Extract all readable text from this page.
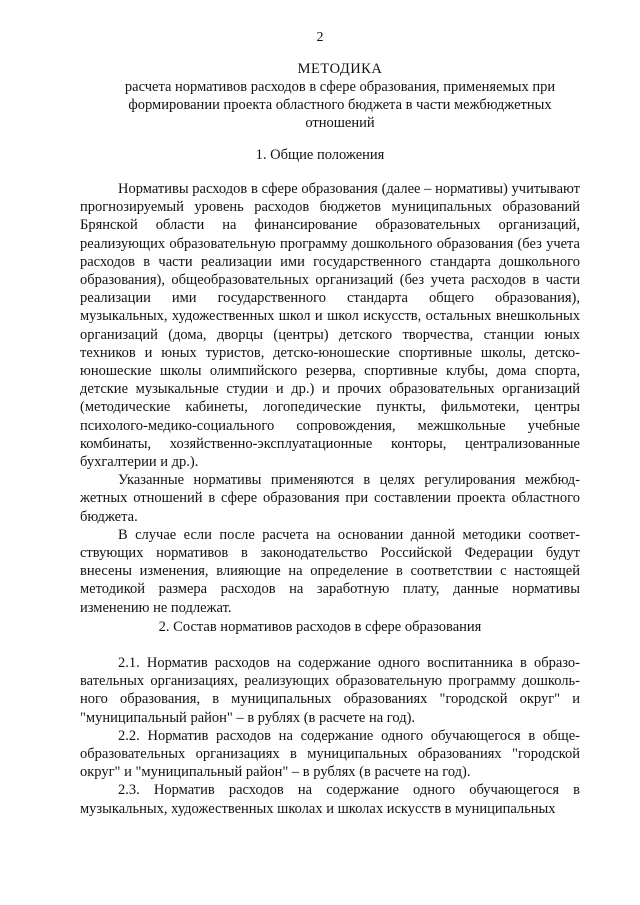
2
МЕТОДИКА
расчета нормативов расходов в сфере образования, применяемых при формировании проекта областного бюджета в части межбюджетных отношений
1. Общие положения

Нормативы расходов в сфере образования (далее – нормативы) учитывают прогнозируемый уровень расходов бюджетов муниципальных образований Брянской области на финансирование образовательных организаций, реализующих образовательную программу дошкольного образования (без учета расходов в части реализации ими государственного стандарта дошкольного образования), общеобразовательных организаций (без учета расходов в части реализации ими государственного стандарта общего образования), музыкальных, художественных школ и школ искусств, остальных внешкольных организаций (дома, дворцы (центры) детского творчества, станции юных техников и юных туристов, детско-юношеские спортивные школы, детско-юношеские школы олимпийского резерва, спортивные клубы, дома спорта, детские музыкальные студии и др.) и прочих образовательных организаций (методические кабинеты, логопедические пункты, фильмотеки, центры психолого-медико-социального сопровождения, межшкольные учебные комбинаты, хозяйственно-эксплуатационные конторы, централизованные бухгалтерии и др.).

Указанные нормативы применяются в целях регулирования межбюджетных отношений в сфере образования при составлении проекта областного бюджета.

В случае если после расчета на основании данной методики соответствующих нормативов в законодательство Российской Федерации будут внесены изменения, влияющие на определение в соответствии с настоящей методикой размера расходов на заработную плату, данные нормативы изменению не подлежат.

2. Состав нормативов расходов в сфере образования

2.1. Норматив расходов на содержание одного воспитанника в образовательных организациях, реализующих образовательную программу дошкольного образования, в муниципальных образованиях "городской округ" и "муниципальный район" – в рублях (в расчете на год).

2.2. Норматив расходов на содержание одного обучающегося в общеобразовательных организациях в муниципальных образованиях "городской округ" и "муниципальный район" – в рублях (в расчете на год).

2.3. Норматив расходов на содержание одного обучающегося в музыкальных, художественных школах и школах искусств в муниципальных
